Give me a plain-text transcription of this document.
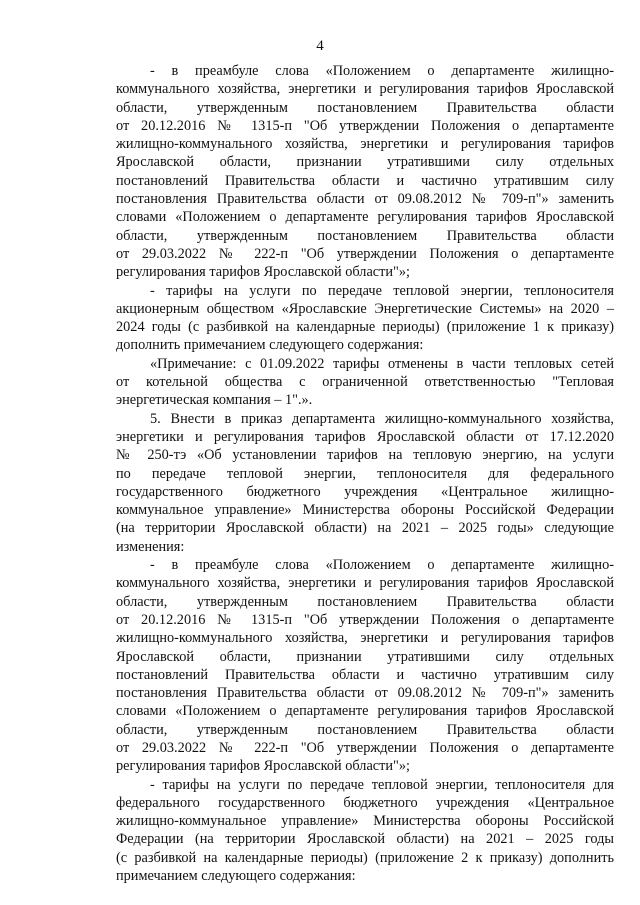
4
- в преамбуле слова «Положением о департаменте жилищно-
коммунального хозяйства, энергетики и регулирования тарифов Ярославской
области, утвержденным постановлением Правительства области
от 20.12.2016 № 1315-п "Об утверждении Положения о департаменте
жилищно-коммунального хозяйства, энергетики и регулирования тарифов
Ярославской области, признании утратившими силу отдельных
постановлений Правительства области и частично утратившим силу
постановления Правительства области от 09.08.2012 № 709-п"» заменить
словами «Положением о департаменте регулирования тарифов Ярославской
области, утвержденным постановлением Правительства области
от 29.03.2022 № 222-п "Об утверждении Положения о департаменте
регулирования тарифов Ярославской области"»;
- тарифы на услуги по передаче тепловой энергии, теплоносителя
акционерным обществом «Ярославские Энергетические Системы» на 2020 –
2024 годы (с разбивкой на календарные периоды) (приложение 1 к приказу)
дополнить примечанием следующего содержания:
«Примечание: с 01.09.2022 тарифы отменены в части тепловых сетей
от котельной общества с ограниченной ответственностью "Тепловая
энергетическая компания – 1".».
5. Внести в приказ департамента жилищно-коммунального хозяйства,
энергетики и регулирования тарифов Ярославской области от 17.12.2020
№ 250-тэ «Об установлении тарифов на тепловую энергию, на услуги
по передаче тепловой энергии, теплоносителя для федерального
государственного бюджетного учреждения «Центральное жилищно-
коммунальное управление» Министерства обороны Российской Федерации
(на территории Ярославской области) на 2021 – 2025 годы» следующие
изменения:
- в преамбуле слова «Положением о департаменте жилищно-
коммунального хозяйства, энергетики и регулирования тарифов Ярославской
области, утвержденным постановлением Правительства области
от 20.12.2016 № 1315-п "Об утверждении Положения о департаменте
жилищно-коммунального хозяйства, энергетики и регулирования тарифов
Ярославской области, признании утратившими силу отдельных
постановлений Правительства области и частично утратившим силу
постановления Правительства области от 09.08.2012 № 709-п"» заменить
словами «Положением о департаменте регулирования тарифов Ярославской
области, утвержденным постановлением Правительства области
от 29.03.2022 № 222-п "Об утверждении Положения о департаменте
регулирования тарифов Ярославской области"»;
- тарифы на услуги по передаче тепловой энергии, теплоносителя для
федерального государственного бюджетного учреждения «Центральное
жилищно-коммунальное управление» Министерства обороны Российской
Федерации (на территории Ярославской области) на 2021 – 2025 годы
(с разбивкой на календарные периоды) (приложение 2 к приказу) дополнить
примечанием следующего содержания:
